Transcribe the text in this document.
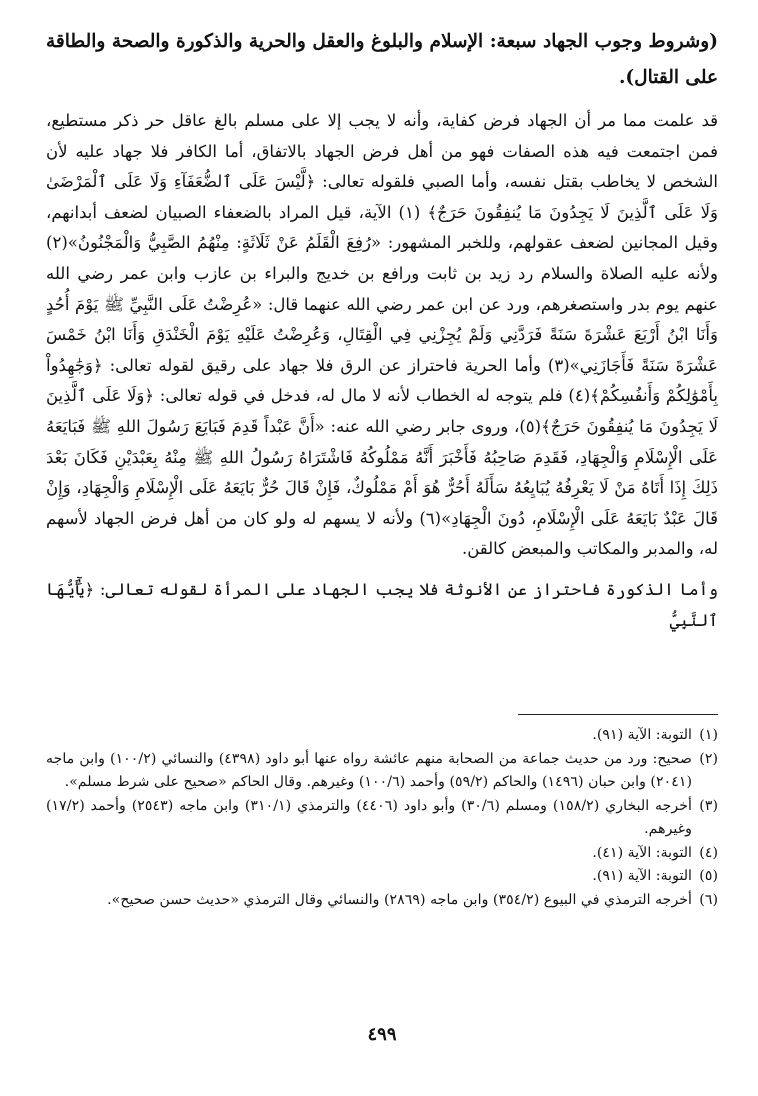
(وشروط وجوب الجهاد سبعة: الإسلام والبلوغ والعقل والحرية والذكورة والصحة والطاقة على القتال).

قد علمت مما مر أن الجهاد فرض كفاية، وأنه لا يجب إلا على مسلم بالغ عاقل حر ذكر مستطيع، فمن اجتمعت فيه هذه الصفات فهو من أهل فرض الجهاد بالاتفاق، أما الكافر فلا جهاد عليه لأن الشخص لا يخاطب بقتل نفسه، وأما الصبي فلقوله تعالى: ﴿لَّيْسَ عَلَى ٱلضُّعَفَآءِ وَلَا عَلَى ٱلْمَرْضَىٰ وَلَا عَلَى ٱلَّذِينَ لَا يَجِدُونَ مَا يُنفِقُونَ حَرَجٌ﴾ (١) الآية، قيل المراد بالضعفاء الصبيان لضعف أبدانهم، وقيل المجانين لضعف عقولهم، وللخبر المشهور: «رُفِعَ الْقَلَمُ عَنْ ثَلَاثَةٍ: مِنْهُمُ الصَّبِيُّ وَالْمَجْنُونُ»(٢) ولأنه عليه الصلاة والسلام رد زيد بن ثابت ورافع بن خديج والبراء بن عازب وابن عمر رضي الله عنهم يوم بدر واستصغرهم، ورد عن ابن عمر رضي الله عنهما قال: «عُرِضْتُ عَلَى النَّبِيِّ ﷺ يَوْمَ أُحُدٍ وَأَنَا ابْنُ أَرْبَعَ عَشْرَةَ سَنَةً فَرَدَّنِي وَلَمْ يُجِزْنِي فِي الْقِتَالِ، وَعُرِضْتُ عَلَيْهِ يَوْمَ الْخَنْدَقِ وَأَنَا ابْنُ خَمْسَ عَشْرَةَ سَنَةً فَأَجَازَنِي»(٣) وأما الحرية فاحتراز عن الرق فلا جهاد على رقيق لقوله تعالى: ﴿وَجَٰهِدُواْ بِأَمْوَٰلِكُمْ وَأَنفُسِكُمْ﴾(٤) فلم يتوجه له الخطاب لأنه لا مال له، فدخل في قوله تعالى: ﴿وَلَا عَلَى ٱلَّذِينَ لَا يَجِدُونَ مَا يُنفِقُونَ حَرَجٌ﴾(٥)، وروى جابر رضي الله عنه: «أَنَّ عَبْداً قَدِمَ فَبَايَعَ رَسُولَ اللهِ ﷺ فَبَايَعَهُ عَلَى الْإِسْلَامِ وَالْجِهَادِ، فَقَدِمَ صَاحِبُهُ فَأَخْبَرَ أَنَّهُ مَمْلُوكُهُ فَاشْتَرَاهُ رَسُولُ اللهِ ﷺ مِنْهُ بِعَبْدَيْنِ فَكَانَ بَعْدَ ذَلِكَ إِذَا أَتَاهُ مَنْ لَا يَعْرِفُهُ يُبَايِعُهُ سَأَلَهُ أَحُرٌّ هُوَ أَمْ مَمْلُوكٌ، فَإِنْ قَالَ حُرٌّ بَايَعَهُ عَلَى الْإِسْلَامِ وَالْجِهَادِ، وَإِنْ قَالَ عَبْدٌ بَايَعَهُ عَلَى الْإِسْلَامِ، دُونَ الْجِهَادِ»(٦) ولأنه لا يسهم له ولو كان من أهل فرض الجهاد لأسهم له، والمدبر والمكاتب والمبعض كالقن.

وأما الذكورة فاحتراز عن الأنوثة فلا يجب الجهاد على المرأة لقوله تعالى: ﴿يَٰٓأَيُّهَا ٱلنَّبِيُّ

(١)
التوبة: الآية (٩١).
(٢)
صحيح: ورد من حديث جماعة من الصحابة منهم عائشة رواه عنها أبو داود (٤٣٩٨) والنسائي (١٠٠/٢) وابن ماجه (٢٠٤١) وابن حبان (١٤٩٦) والحاكم (٥٩/٢) وأحمد (١٠٠/٦) وغيرهم. وقال الحاكم «صحيح على شرط مسلم».
(٣)
أخرجه البخاري (١٥٨/٢) ومسلم (٣٠/٦) وأبو داود (٤٤٠٦) والترمذي (٣١٠/١) وابن ماجه (٢٥٤٣) وأحمد (١٧/٢) وغيرهم.
(٤)
التوبة: الآية (٤١).
(٥)
التوبة: الآية (٩١).
(٦)
أخرجه الترمذي في البيوع (٣٥٤/٢) وابن ماجه (٢٨٦٩) والنسائي وقال الترمذي «حديث حسن صحيح».
٤٩٩
